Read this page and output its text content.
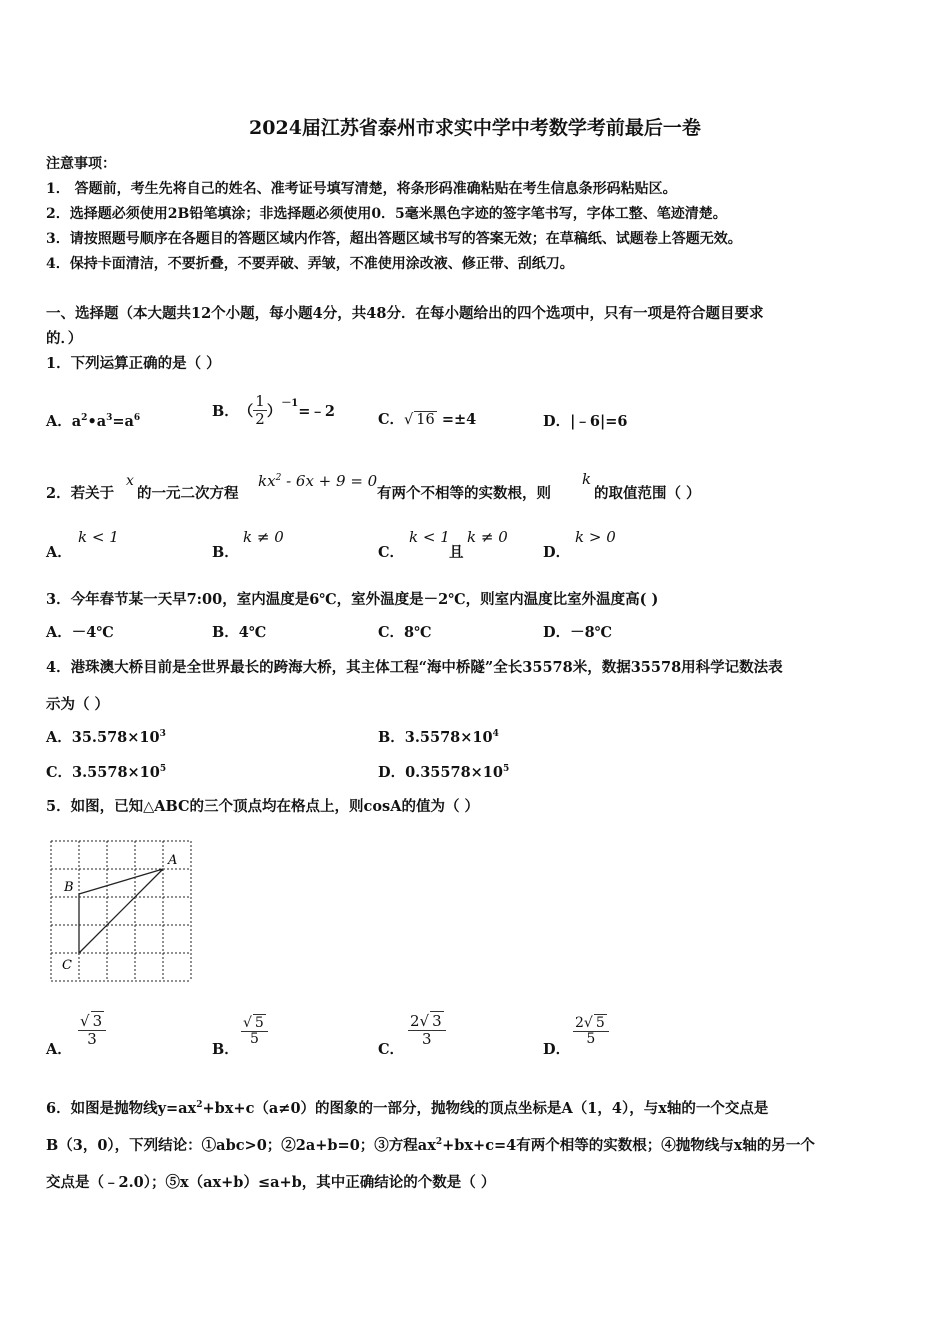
2024届江苏省泰州市求实中学中考数学考前最后一卷
注意事项：
1． 答题前，考生先将自己的姓名、准考证号填写清楚，将条形码准确粘贴在考生信息条形码粘贴区。
2．选择题必须使用2B铅笔填涂；非选择题必须使用0．5毫米黑色字迹的签字笔书写，字体工整、笔迹清楚。
3．请按照题号顺序在各题目的答题区域内作答，超出答题区域书写的答案无效；在草稿纸、试题卷上答题无效。
4．保持卡面清洁，不要折叠，不要弄破、弄皱，不准使用涂改液、修正带、刮纸刀。
一、选择题（本大题共12个小题，每小题4分，共48分．在每小题给出的四个选项中，只有一项是符合题目要求
的．）
1．下列运算正确的是（ ）
A．$a^2•a^3=a^6$	B． （ $\frac{1}{2} )^{-1}$ =﹣2	C．√ 16 =±4	D．|﹣6|=6
2．若关于
x
的一元二次方程
$kx^2 - 6x + 9 = 0$
有两个不相等的实数根，则
k
的取值范围（ ）
A．
k < 1
B．
k ≠ 0
C．
k < 1
且
k ≠ 0
D．
k > 0
3．今年春节某一天早7:00，室内温度是6℃，室外温度是－2℃，则室内温度比室外温度高( )
A．－4℃	B．4℃	C．8℃	D．－8℃
4．港珠澳大桥目前是全世界最长的跨海大桥，其主体工程“海中桥隧”全长35578米，数据35578用科学记数法表
示为（ ）
A．$35.578\times 10^3$	B．$3.5578\times 10^4$
C．$3.5578\times 10^5$	D．$0.35578\times 10^5$
5．如图，已知△ABC的三个顶点均在格点上，则cosA的值为（ ）
A
B
C
A．
$\frac{√ 3}{3}$
B．
$\frac{√ 5}{5}$
C．
$\frac{2√ 3}{3}$
D．
$\frac{2√ 5}{5}$
6．如图是抛物线$y=ax^2+bx+c(a\ne 0)$的图象的一部分，抛物线的顶点坐标是A（1，4），与x轴的一个交点是
B（3，0），下列结论：①abc>0；②2a+b=0；③方程$ax^2+bx+c=4$有两个相等的实数根；④抛物线与x轴的另一个
交点是（﹣2.0）；⑤x（ax+b）≤a+b，其中正确结论的个数是（ ）
